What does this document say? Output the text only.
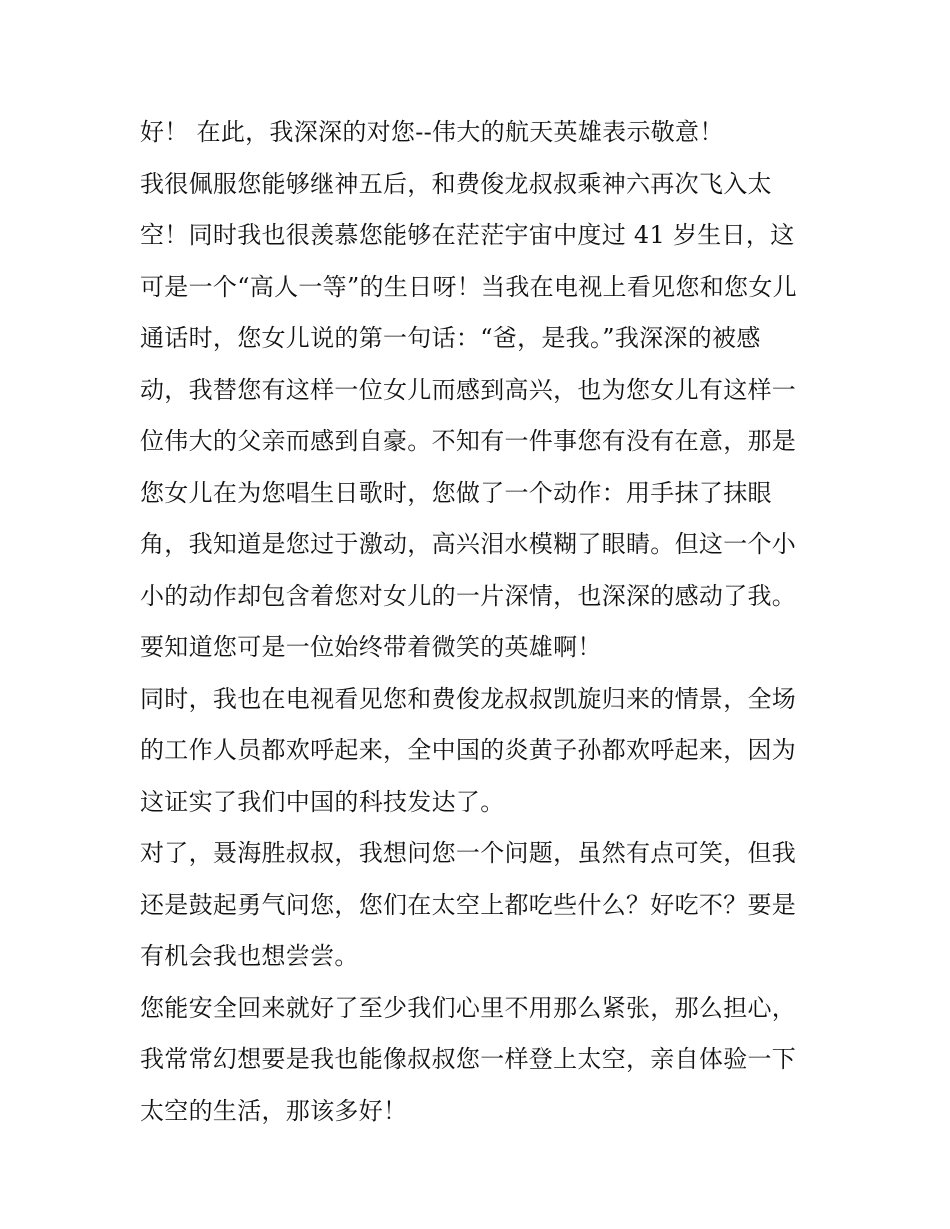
好！ 在此，我深深的对您--伟大的航天英雄表示敬意！
我很佩服您能够继神五后，和费俊龙叔叔乘神六再次飞入太
空！同时我也很羡慕您能够在茫茫宇宙中度过 41 岁生日，这
可是一个“高人一等”的生日呀！当我在电视上看见您和您女儿
通话时，您女儿说的第一句话：“爸，是我。”我深深的被感
动，我替您有这样一位女儿而感到高兴，也为您女儿有这样一
位伟大的父亲而感到自豪。不知有一件事您有没有在意，那是
您女儿在为您唱生日歌时，您做了一个动作：用手抹了抹眼
角，我知道是您过于激动，高兴泪水模糊了眼睛。但这一个小
小的动作却包含着您对女儿的一片深情，也深深的感动了我。
要知道您可是一位始终带着微笑的英雄啊！
同时，我也在电视看见您和费俊龙叔叔凯旋归来的情景，全场
的工作人员都欢呼起来，全中国的炎黄子孙都欢呼起来，因为
这证实了我们中国的科技发达了。
对了，聂海胜叔叔，我想问您一个问题，虽然有点可笑，但我
还是鼓起勇气问您，您们在太空上都吃些什么？好吃不？要是
有机会我也想尝尝。
您能安全回来就好了至少我们心里不用那么紧张，那么担心，
我常常幻想要是我也能像叔叔您一样登上太空，亲自体验一下
太空的生活，那该多好！
